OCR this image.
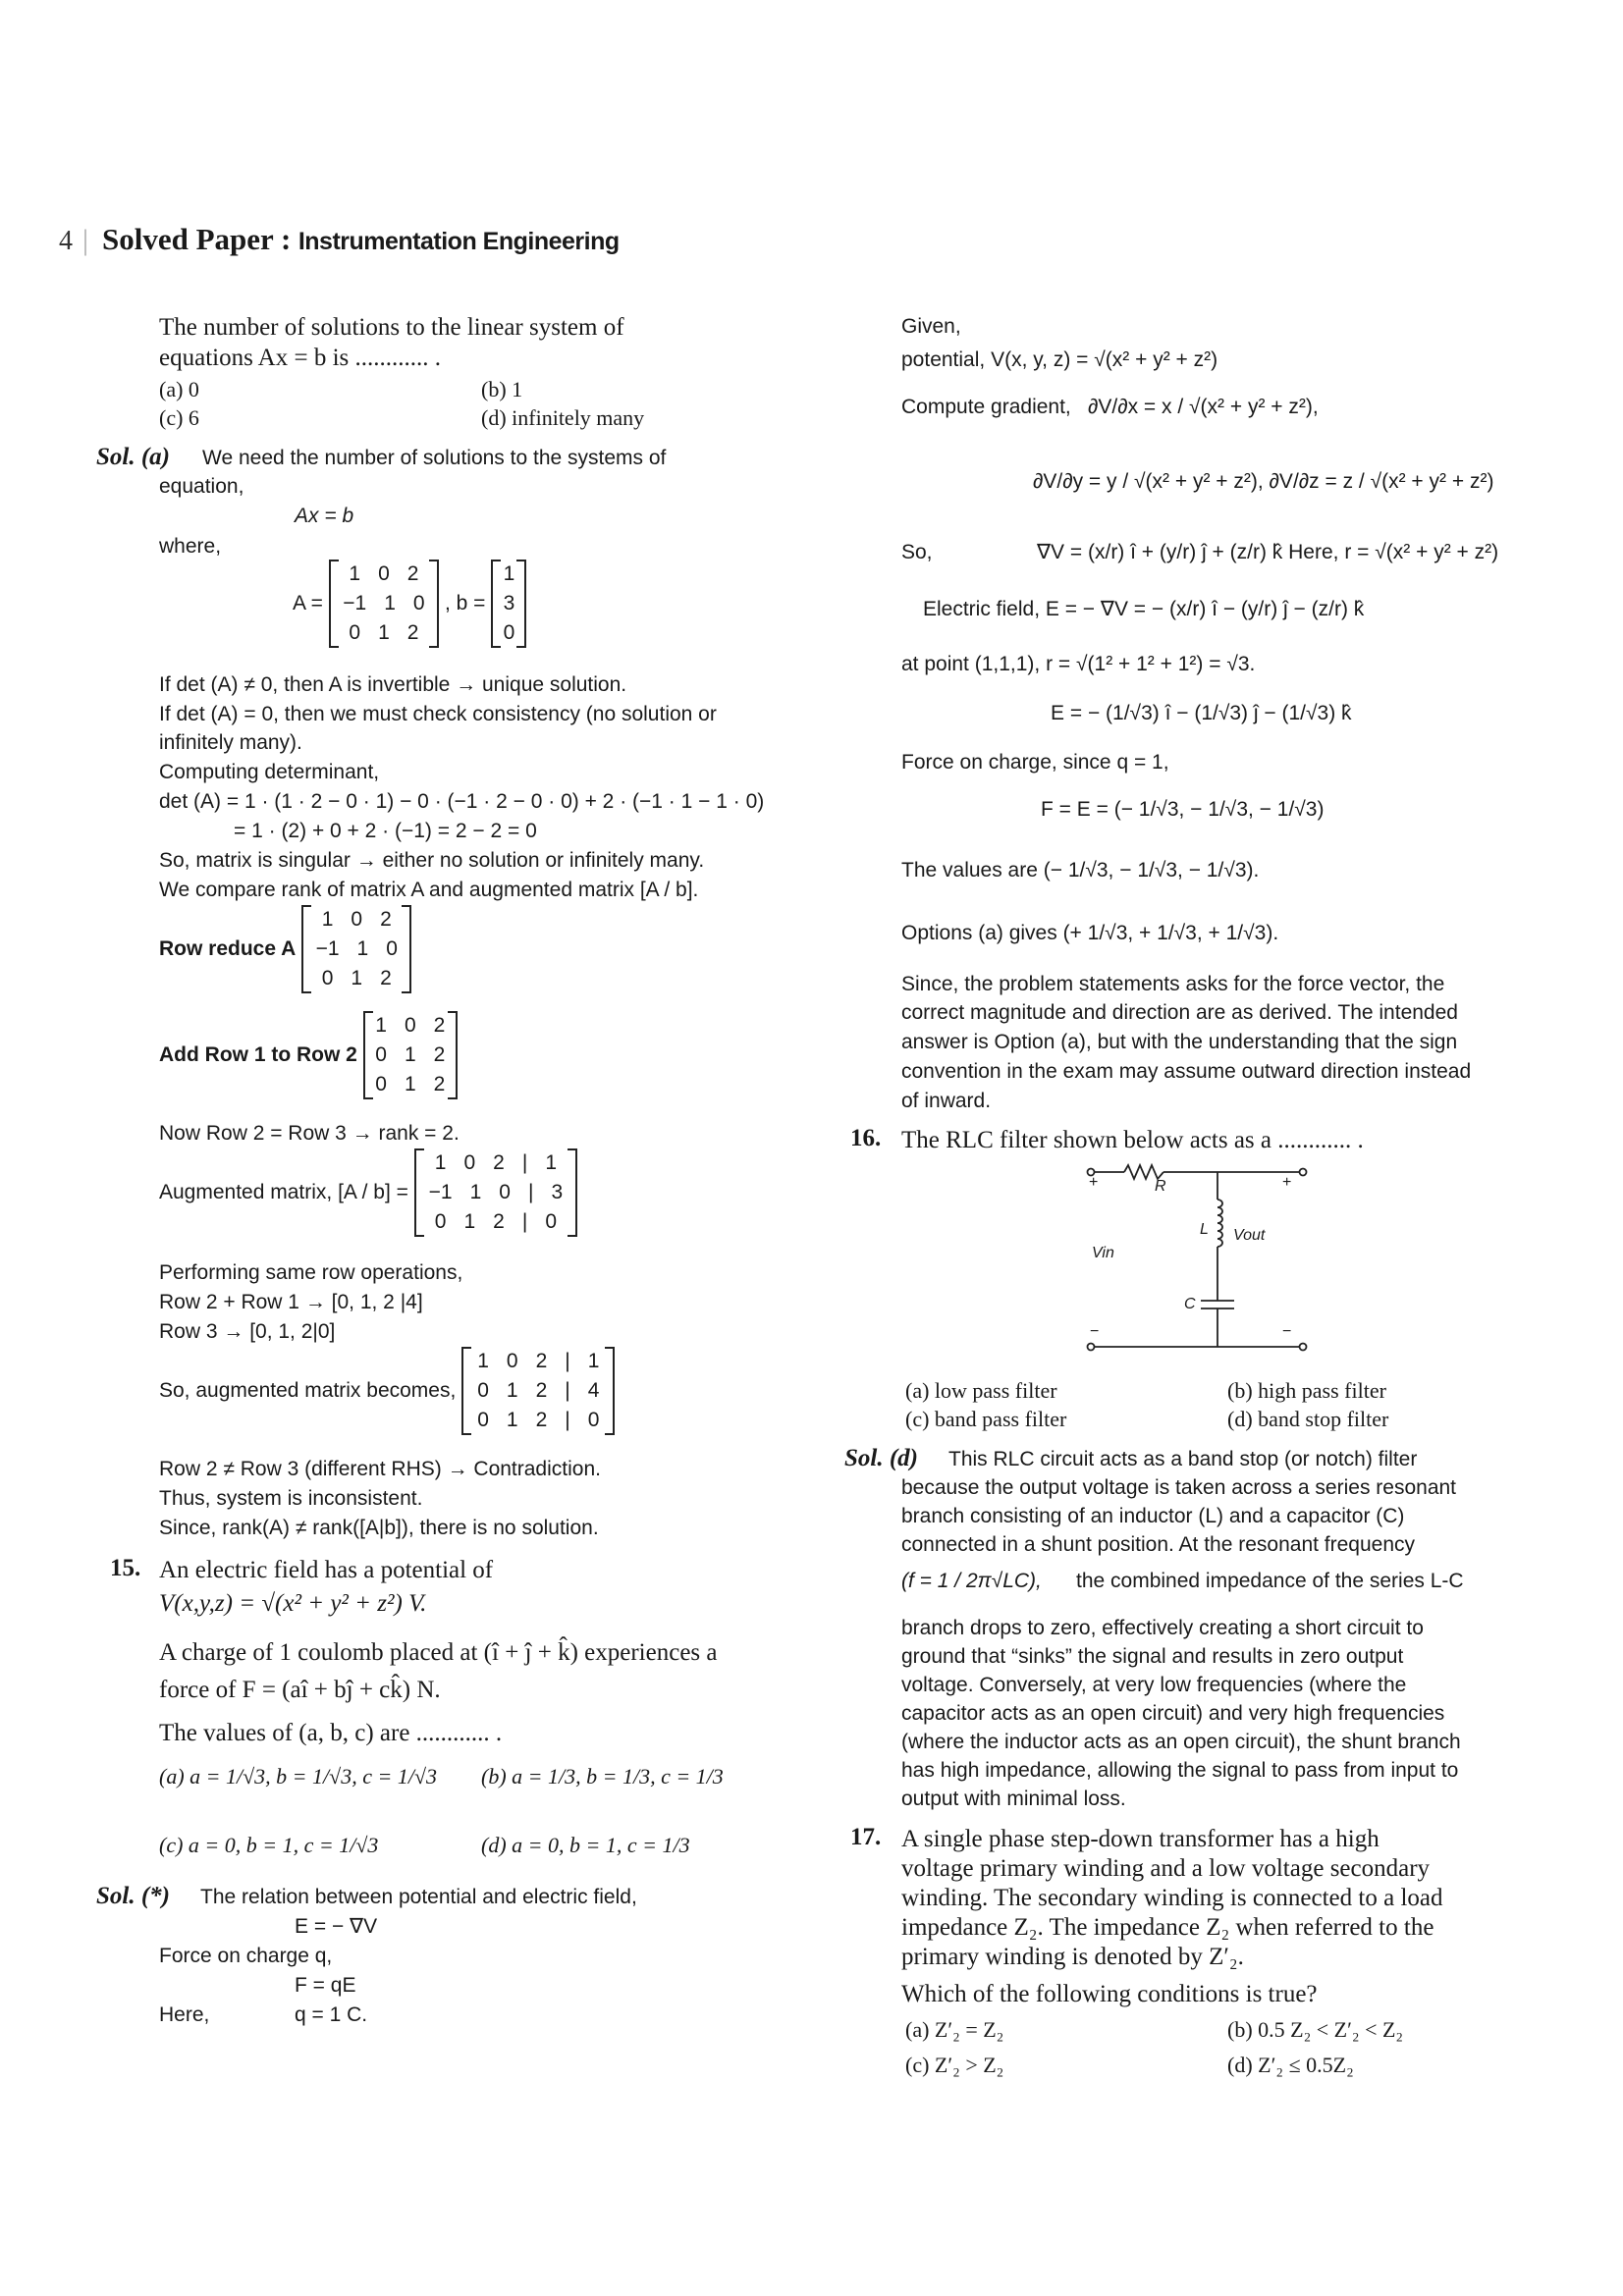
4 | Solved Paper : Instrumentation Engineering
The number of solutions to the linear system of
equations Ax = b is ............ .
(a) 0	(b) 1
(c) 6	(d) infinitely many
Sol. (a) We need the number of solutions to the systems of
equation,
Ax = b
where,
A =
1 0 2
−1 1 0
0 1 2
, b =
1
3
0
If det (A) ≠ 0, then A is invertible → unique solution.
If det (A) = 0, then we must check consistency (no solution or
infinitely many).
Computing determinant,
det (A) = 1 · (1 · 2 − 0 · 1) − 0 · (−1 · 2 − 0 · 0) + 2 · (−1 · 1 − 1 · 0)
= 1 · (2) + 0 + 2 · (−1) = 2 − 2 = 0
So, matrix is singular → either no solution or infinitely many.
We compare rank of matrix A and augmented matrix [A / b].
Row reduce A
1 0 2
−1 1 0
0 1 2
Add Row 1 to Row 2
1 0 2
0 1 2
0 1 2
Now Row 2 = Row 3 → rank = 2.
Augmented matrix, [A / b] =
1 0 2 | 1
−1 1 0 | 3
0 1 2 | 0
Performing same row operations,
Row 2 + Row 1 → [0, 1, 2 |4]
Row 3 → [0, 1, 2|0]
So, augmented matrix becomes,
1 0 2 | 1
0 1 2 | 4
0 1 2 | 0
Row 2 ≠ Row 3 (different RHS) → Contradiction.
Thus, system is inconsistent.
Since, rank(A) ≠ rank([A|b]), there is no solution.
15. An electric field has a potential of
V(x,y,z) = √(x² + y² + z²) V.
A charge of 1 coulomb placed at (î + ĵ + k̂) experiences a
force of F = (aî + bĵ + ck̂) N.
The values of (a, b, c) are ............ .
(a) a = 1/√3, b = 1/√3, c = 1/√3 (b) a = 1/3, b = 1/3, c = 1/3
(c) a = 0, b = 1, c = 1/√3	(d) a = 0, b = 1, c = 1/3
Sol. (*) The relation between potential and electric field,
E = − ∇V
Force on charge q,
F = qE
Here,	q = 1 C.
Given,
potential, V(x, y, z) = √(x² + y² + z²)
Compute gradient, ∂V/∂x = x / √(x² + y² + z²),
∂V/∂y = y / √(x² + y² + z²), ∂V/∂z = z / √(x² + y² + z²)
So,	∇V = (x/r) î + (y/r) ĵ + (z/r) k̂ Here, r = √(x² + y² + z²)
Electric field, E = − ∇V = − (x/r) î − (y/r) ĵ − (z/r) k̂
at point (1,1,1), r = √(1² + 1² + 1²) = √3.
E = − (1/√3) î − (1/√3) ĵ − (1/√3) k̂
Force on charge, since q = 1,
F = E = (− 1/√3, − 1/√3, − 1/√3)
The values are (− 1/√3, − 1/√3, − 1/√3).
Options (a) gives (+ 1/√3, + 1/√3, + 1/√3).
Since, the problem statements asks for the force vector, the
correct magnitude and direction are as derived. The intended
answer is Option (a), but with the understanding that the sign
convention in the exam may assume outward direction instead
of inward.
16. The RLC filter shown below acts as a ............ .
+	+
R
L Vout
Vin
C
−	−
(a) low pass filter	(b) high pass filter
(c) band pass filter	(d) band stop filter
Sol. (d) This RLC circuit acts as a band stop (or notch) filter
because the output voltage is taken across a series resonant
branch consisting of an inductor (L) and a capacitor (C)
connected in a shunt position. At the resonant frequency
(f = 1 / 2π√LC), the combined impedance of the series L-C
branch drops to zero, effectively creating a short circuit to
ground that “sinks” the signal and results in zero output
voltage. Conversely, at very low frequencies (where the
capacitor acts as an open circuit) and very high frequencies
(where the inductor acts as an open circuit), the shunt branch
has high impedance, allowing the signal to pass from input to
output with minimal loss.
17. A single phase step-down transformer has a high
voltage primary winding and a low voltage secondary
winding. The secondary winding is connected to a load
impedance Z₂. The impedance Z₂ when referred to the
primary winding is denoted by Z′₂.
Which of the following conditions is true?
(a) Z′₂ = Z₂	(b) 0.5 Z₂ < Z′₂ < Z₂
(c) Z′₂ > Z₂	(d) Z′₂ ≤ 0.5Z₂
